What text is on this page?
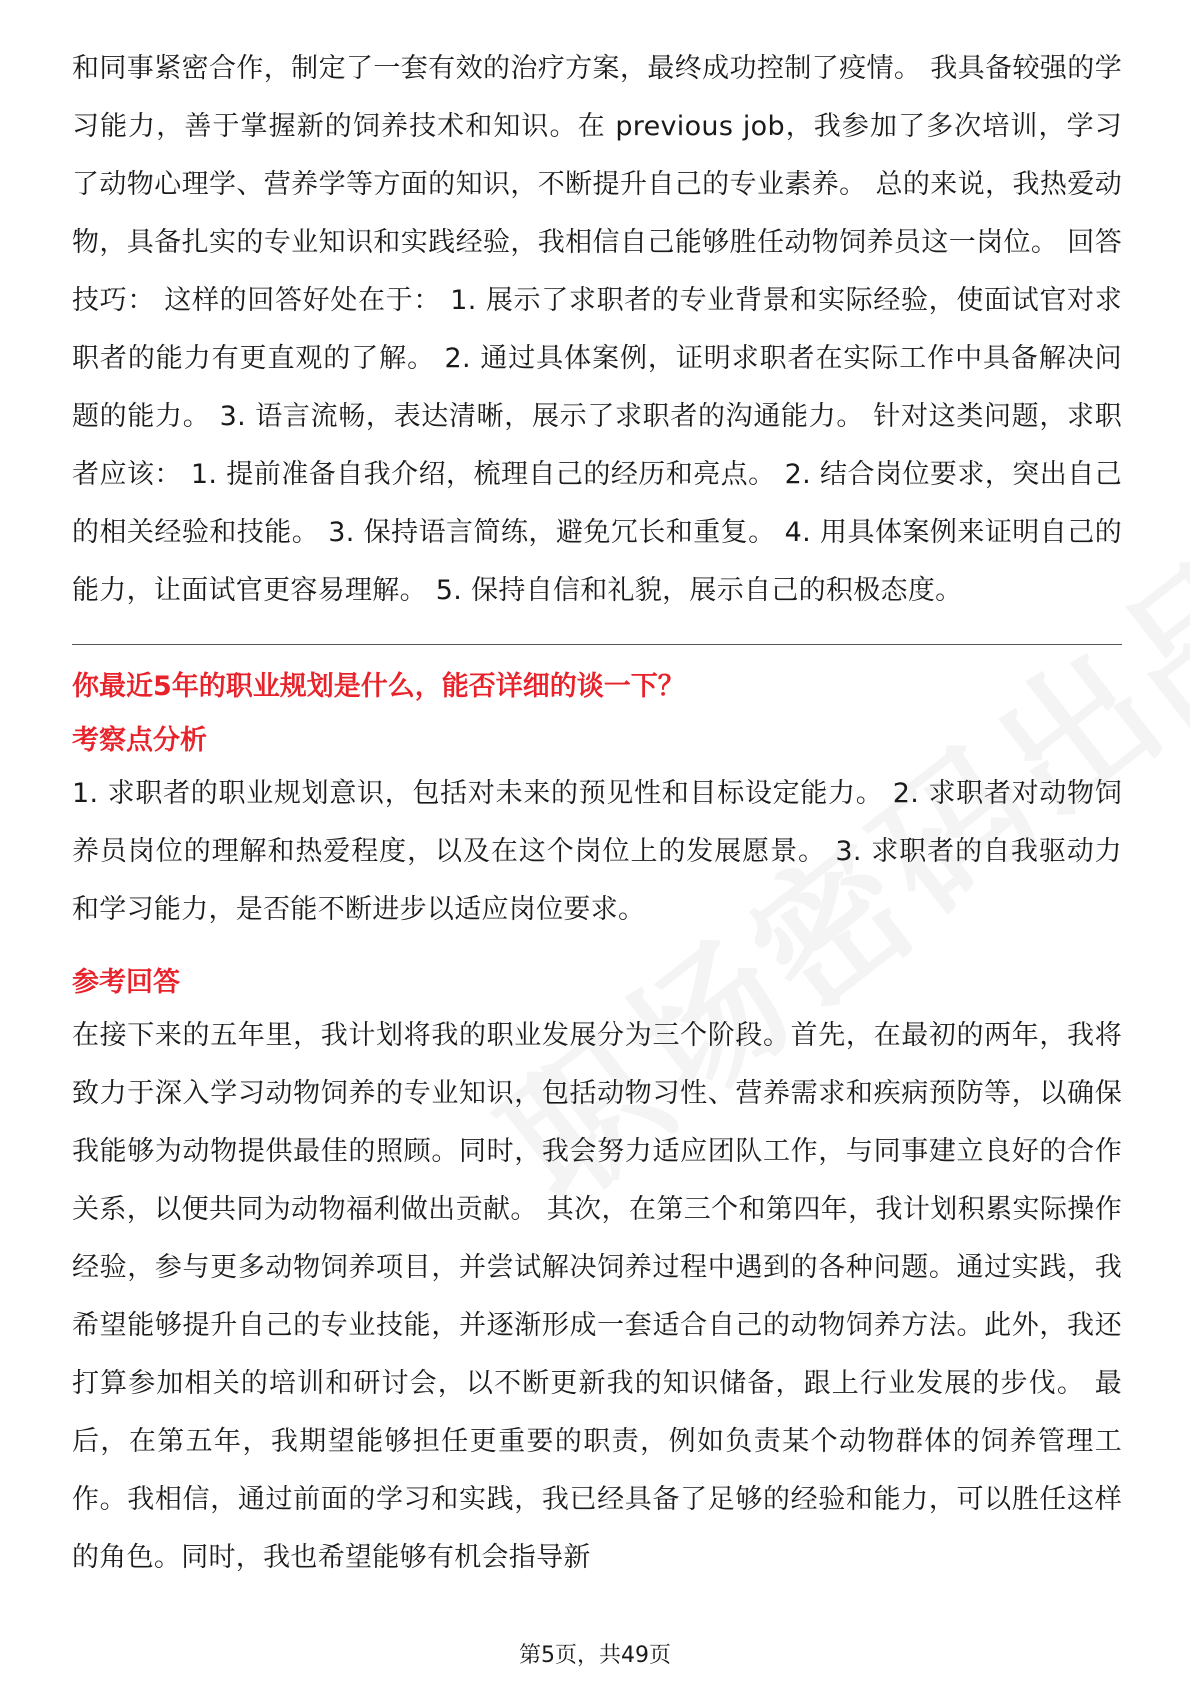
和同事紧密合作，制定了一套有效的治疗方案，最终成功控制了疫情。 我具备较强的学习能力，善于掌握新的饲养技术和知识。在 previous job，我参加了多次培训，学习了动物心理学、营养学等方面的知识，不断提升自己的专业素养。 总的来说，我热爱动物，具备扎实的专业知识和实践经验，我相信自己能够胜任动物饲养员这一岗位。 回答技巧： 这样的回答好处在于： 1. 展示了求职者的专业背景和实际经验，使面试官对求职者的能力有更直观的了解。 2. 通过具体案例，证明求职者在实际工作中具备解决问题的能力。 3. 语言流畅，表达清晰，展示了求职者的沟通能力。 针对这类问题，求职者应该： 1. 提前准备自我介绍，梳理自己的经历和亮点。 2. 结合岗位要求，突出自己的相关经验和技能。 3. 保持语言简练，避免冗长和重复。 4. 用具体案例来证明自己的能力，让面试官更容易理解。 5. 保持自信和礼貌，展示自己的积极态度。

你最近5年的职业规划是什么，能否详细的谈一下？

考察点分析

1. 求职者的职业规划意识，包括对未来的预见性和目标设定能力。 2. 求职者对动物饲养员岗位的理解和热爱程度，以及在这个岗位上的发展愿景。 3. 求职者的自我驱动力和学习能力，是否能不断进步以适应岗位要求。

参考回答

在接下来的五年里，我计划将我的职业发展分为三个阶段。首先，在最初的两年，我将致力于深入学习动物饲养的专业知识，包括动物习性、营养需求和疾病预防等，以确保我能够为动物提供最佳的照顾。同时，我会努力适应团队工作，与同事建立良好的合作关系，以便共同为动物福利做出贡献。 其次，在第三个和第四年，我计划积累实际操作经验，参与更多动物饲养项目，并尝试解决饲养过程中遇到的各种问题。通过实践，我希望能够提升自己的专业技能，并逐渐形成一套适合自己的动物饲养方法。此外，我还打算参加相关的培训和研讨会，以不断更新我的知识储备，跟上行业发展的步伐。 最后，在第五年，我期望能够担任更重要的职责，例如负责某个动物群体的饲养管理工作。我相信，通过前面的学习和实践，我已经具备了足够的经验和能力，可以胜任这样的角色。同时，我也希望能够有机会指导新

第5页，共49页
